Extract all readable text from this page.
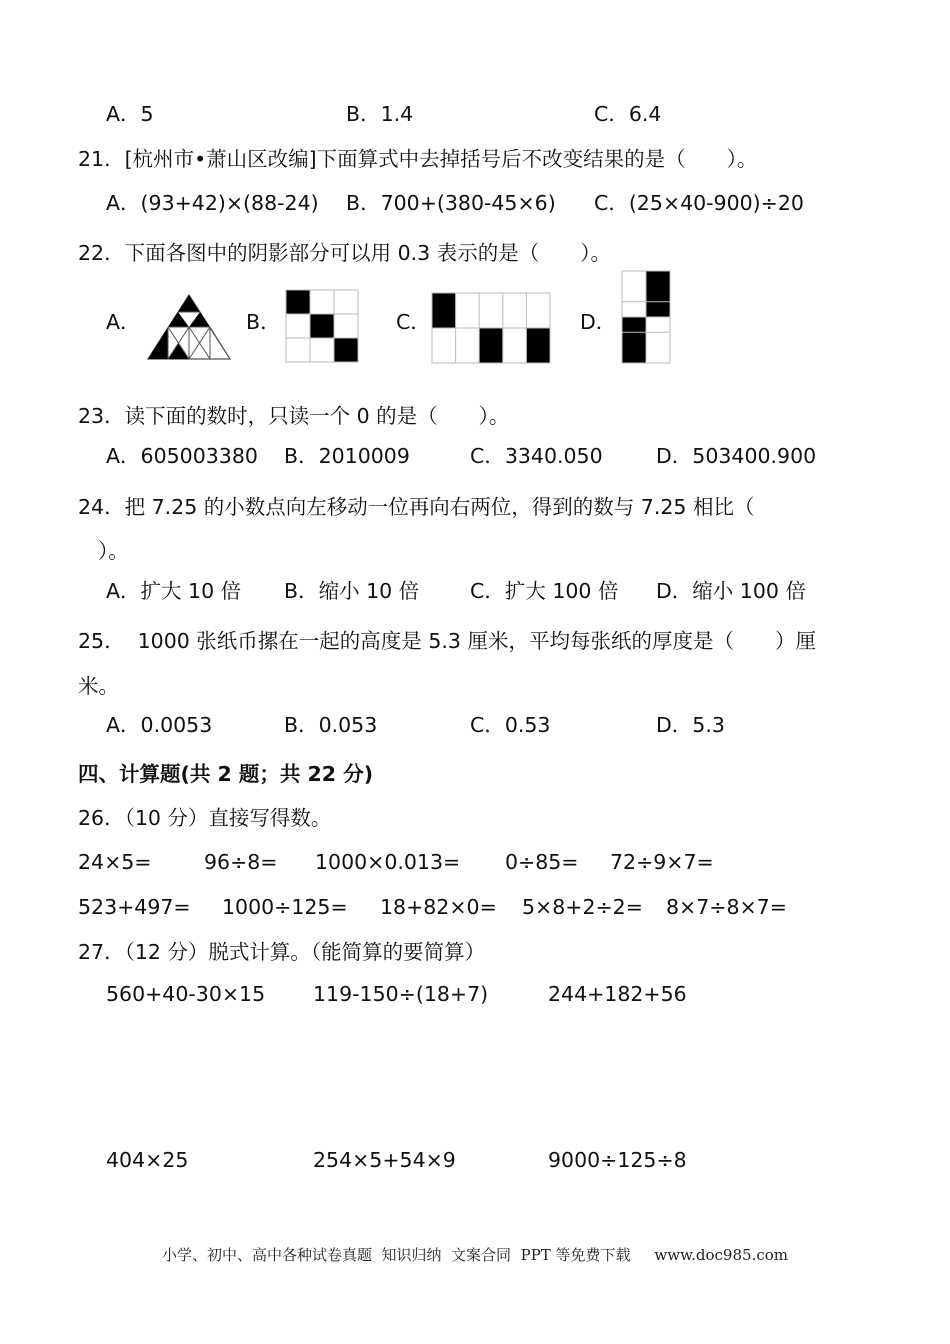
A．5	B．1.4	C．6.4
21．[杭州市•萧山区改编]下面算式中去掉括号后不改变结果的是（　　）。
A．(93+42)×(88-24) B．700+(380-45×6) C．(25×40-900)÷20
22．下面各图中的阴影部分可以用 0.3 表示的是（　　）。
A．	B．	C．	D．
23．读下面的数时，只读一个 0 的是（　　）。
A．605003380 B．2010009	C．3340.050	D．503400.900
24．把 7.25 的小数点向左移动一位再向右两位，得到的数与 7.25 相比（
）。
A．扩大 10 倍 B．缩小 10 倍 C．扩大 100 倍 D．缩小 100 倍
25．  1000 张纸币摞在一起的高度是 5.3 厘米，平均每张纸的厚度是（　　）厘
米。
A．0.0053	B．0.053	C．0.53	D．5.3
四、计算题(共 2 题；共 22 分)
26．（10 分）直接写得数。
24×5=	96÷8= 1000×0.013= 0÷85= 72÷9×7=
523+497= 1000÷125= 18+82×0= 5×8+2÷2= 8×7÷8×7=
27．（12 分）脱式计算。（能简算的要简算）
560+40-30×15 119-150÷(18+7)	244+182+56
404×25	254×5+54×9	9000÷125÷8
小学、初中、高中各种试卷真题  知识归纳  文案合同  PPT 等免费下载     www.doc985.com
